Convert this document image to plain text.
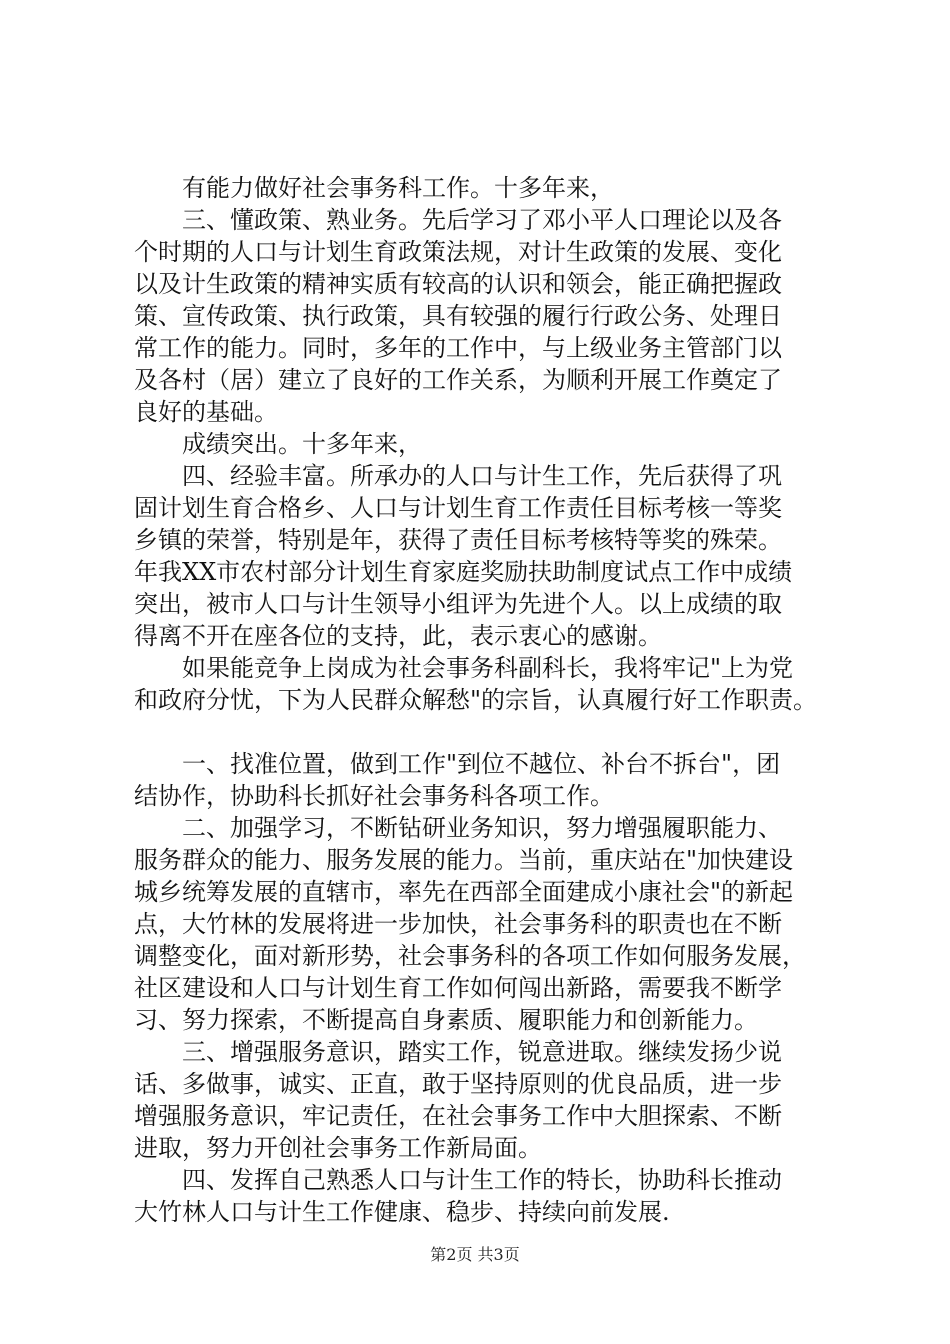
有能力做好社会事务科工作。十多年来，
三、懂政策、熟业务。先后学习了邓小平人口理论以及各
个时期的人口与计划生育政策法规，对计生政策的发展、变化
以及计生政策的精神实质有较高的认识和领会，能正确把握政
策、宣传政策、执行政策，具有较强的履行行政公务、处理日
常工作的能力。同时，多年的工作中，与上级业务主管部门以
及各村（居）建立了良好的工作关系，为顺利开展工作奠定了
良好的基础。
成绩突出。十多年来，
四、经验丰富。所承办的人口与计生工作，先后获得了巩
固计划生育合格乡、人口与计划生育工作责任目标考核一等奖
乡镇的荣誉，特别是年，获得了责任目标考核特等奖的殊荣。
年我XX市农村部分计划生育家庭奖励扶助制度试点工作中成绩
突出，被市人口与计生领导小组评为先进个人。以上成绩的取
得离不开在座各位的支持，此，表示衷心的感谢。
如果能竞争上岗成为社会事务科副科长，我将牢记"上为党
和政府分忧，下为人民群众解愁"的宗旨，认真履行好工作职责。
一、找准位置，做到工作"到位不越位、补台不拆台"，团
结协作，协助科长抓好社会事务科各项工作。
二、加强学习，不断钻研业务知识，努力增强履职能力、
服务群众的能力、服务发展的能力。当前，重庆站在"加快建设
城乡统筹发展的直辖市，率先在西部全面建成小康社会"的新起
点，大竹林的发展将进一步加快，社会事务科的职责也在不断
调整变化，面对新形势，社会事务科的各项工作如何服务发展，
社区建设和人口与计划生育工作如何闯出新路，需要我不断学
习、努力探索，不断提高自身素质、履职能力和创新能力。
三、增强服务意识，踏实工作，锐意进取。继续发扬少说
话、多做事，诚实、正直，敢于坚持原则的优良品质，进一步
增强服务意识，牢记责任，在社会事务工作中大胆探索、不断
进取，努力开创社会事务工作新局面。
四、发挥自己熟悉人口与计生工作的特长，协助科长推动
大竹林人口与计生工作健康、稳步、持续向前发展.
第2页 共3页
